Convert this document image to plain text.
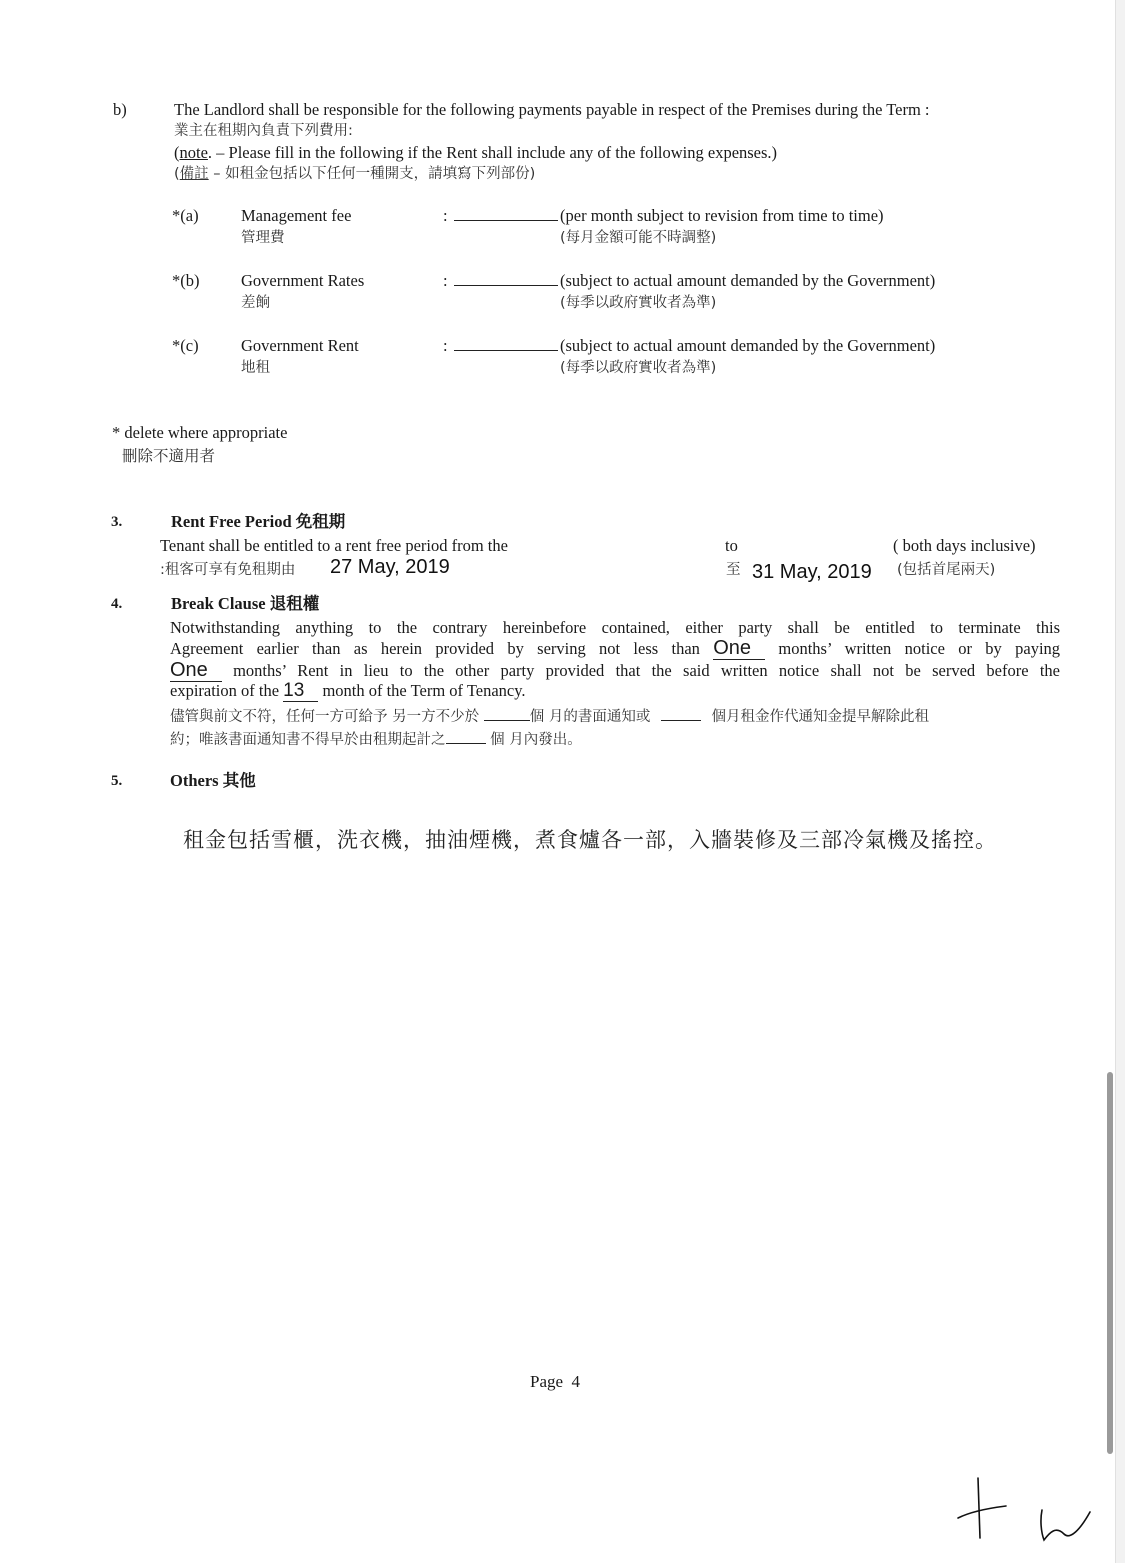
b)	The Landlord shall be responsible for the following payments payable in respect of the Premises during the Term :
業主在租期內負責下列費用:
(note. – Please fill in the following if the Rent shall include any of the following expenses.)
(備註 – 如租金包括以下任何一種開支，請填寫下列部份)
*(a)	Management fee
管理費
:	(per month subject to revision from time to time)
(每月金額可能不時調整)
*(b)	Government Rates
差餉
:	(subject to actual amount demanded by the Government)
(每季以政府實收者為準)
*(c)	Government Rent
地租
:	(subject to actual amount demanded by the Government)
(每季以政府實收者為準)
* delete where appropriate
刪除不適用者
3.	Rent Free Period 免租期
Tenant shall be entitled to a rent free period from the	to	( both days inclusive)
:租客可享有免租期由 27 May, 2019	至 31 May, 2019 (包括首尾兩天)
4.	Break Clause 退租權
Notwithstanding anything to the contrary hereinbefore contained, either party shall be entitled to terminate this
Agreement earlier than as herein provided by serving not less than One months’ written notice or by paying
One months’ Rent in lieu to the other party provided that the said written notice shall not be served before the
expiration of the 13 month of the Term of Tenancy.
儘管與前文不符，任何一方可給予 另一方不少於	個 月的書面通知或	個月租金作代通知金提早解除此租
約；唯該書面通知書不得早於由租期起計之	個 月內發出。
5.	Others 其他
租金包括雪櫃，洗衣機，抽油煙機，煮食爐各一部，入牆裝修及三部冷氣機及搖控。
Page 4
